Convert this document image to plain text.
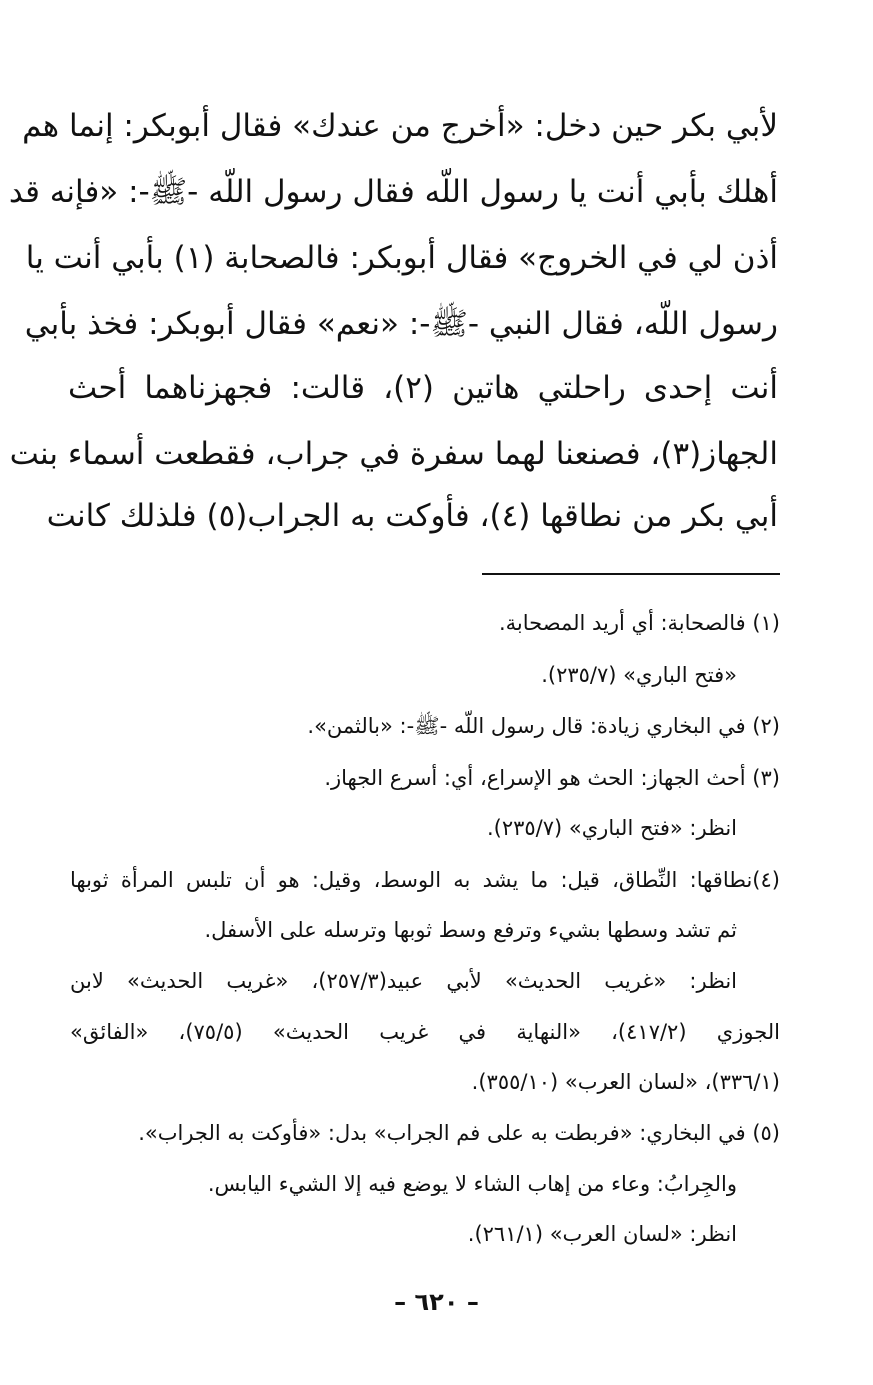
لأبي بكر حين دخل: «أخرج من عندك» فقال أبوبكر: إنما هم
أهلك بأبي أنت يا رسول اللّه فقال رسول اللّه -ﷺ-: «فإنه قد
أذن لي في الخروج» فقال أبوبكر: فالصحابة (١) بأبي أنت يا
رسول اللّه، فقال النبي -ﷺ-: «نعم» فقال أبوبكر: فخذ بأبي
أنت إحدى راحلتي هاتين (٢)، قالت: فجهزناهما أحث
الجهاز(٣)، فصنعنا لهما سفرة في جراب، فقطعت أسماء بنت
أبي بكر من نطاقها (٤)، فأوكت به الجراب(٥) فلذلك كانت
(١) فالصحابة: أي أريد المصحابة.
«فتح الباري» (٢٣٥/٧).
(٢) في البخاري زيادة: قال رسول اللّه -ﷺ-: «بالثمن».
(٣) أحث الجهاز: الحث هو الإسراع، أي: أسرع الجهاز.
انظر: «فتح الباري» (٢٣٥/٧).
(٤)نطاقها: النِّطاق، قيل: ما يشد به الوسط، وقيل: هو أن تلبس المرأة ثوبها
ثم تشد وسطها بشيء وترفع وسط ثوبها وترسله على الأسفل.
انظر: «غريب الحديث» لأبي عبيد(٢٥٧/٣)، «غريب الحديث» لابن
الجوزي (٤١٧/٢)، «النهاية في غريب الحديث» (٧٥/٥)، «الفائق»
(٣٣٦/١)، «لسان العرب» (٣٥٥/١٠).
(٥) في البخاري: «فربطت به على فم الجراب» بدل: «فأوكت به الجراب».
والجِرابُ: وعاء من إهاب الشاء لا يوضع فيه إلا الشيء اليابس.
انظر: «لسان العرب» (٢٦١/١).
– ٦٢٠ –
